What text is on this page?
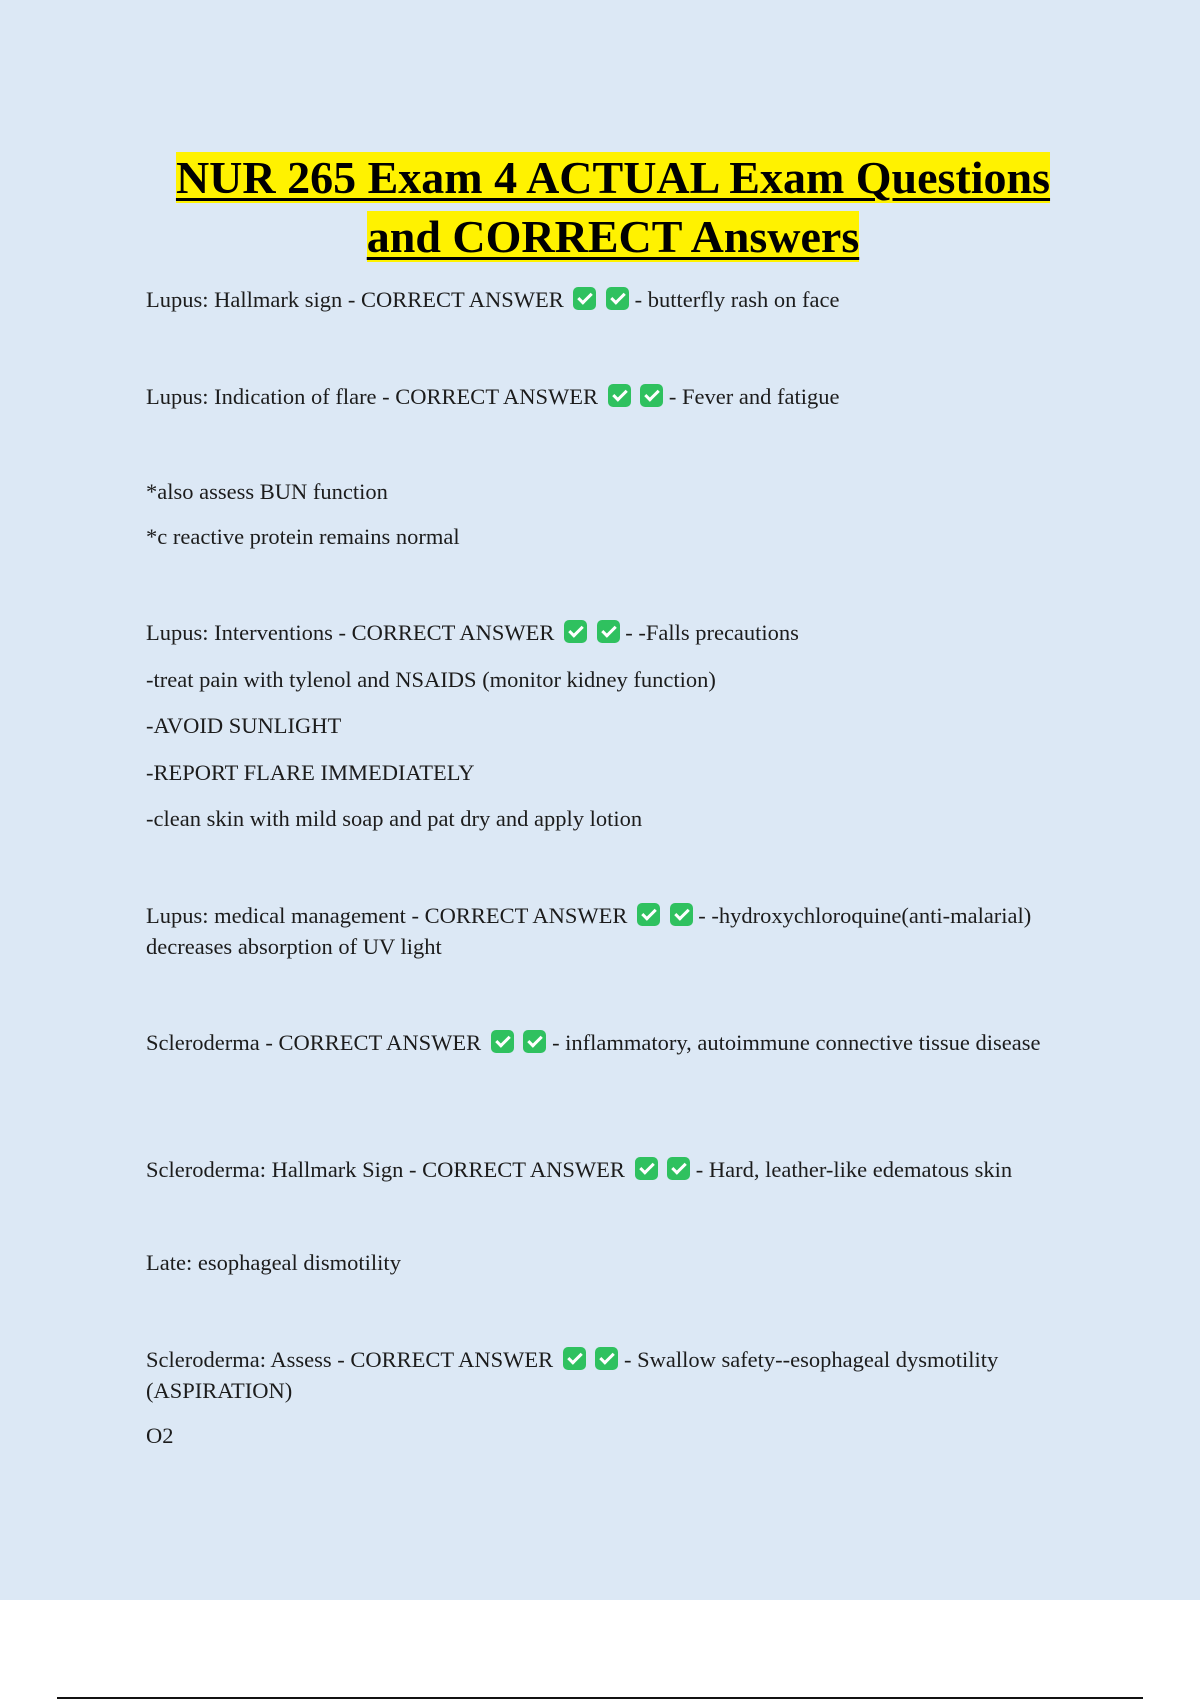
NUR 265 Exam 4 ACTUAL Exam Questions
and CORRECT Answers

Lupus: Hallmark sign - CORRECT ANSWER	- butterfly rash on face

Lupus: Indication of flare - CORRECT ANSWER	- Fever and fatigue

*also assess BUN function

*c reactive protein remains normal

Lupus: Interventions - CORRECT ANSWER	- -Falls precautions

-treat pain with tylenol and NSAIDS (monitor kidney function)

-AVOID SUNLIGHT

-REPORT FLARE IMMEDIATELY

-clean skin with mild soap and pat dry and apply lotion

Lupus: medical management - CORRECT ANSWER	- -hydroxychloroquine(anti-malarial) decreases absorption of UV light

Scleroderma - CORRECT ANSWER	- inflammatory, autoimmune connective tissue disease

Scleroderma: Hallmark Sign - CORRECT ANSWER	- Hard, leather-like edematous skin

Late: esophageal dismotility

Scleroderma: Assess - CORRECT ANSWER	- Swallow safety--esophageal dysmotility (ASPIRATION)

O2
